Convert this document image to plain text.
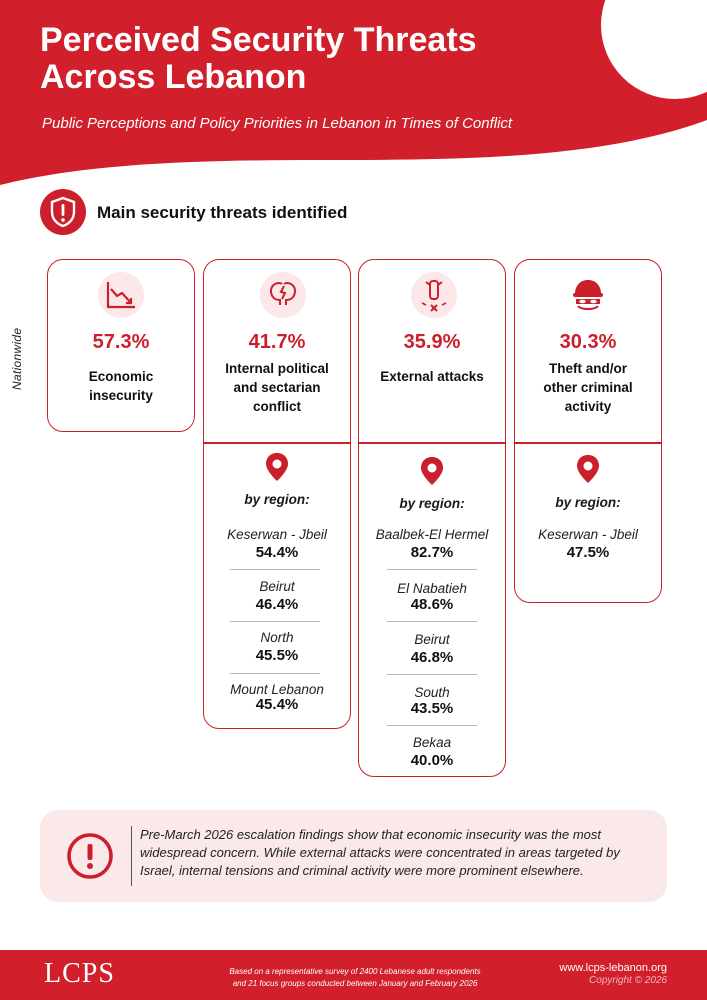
Perceived Security Threats
Across Lebanon
Public Perceptions and Policy Priorities in Lebanon in Times of Conflict
Main security threats identified
Nationwide	57.3%
Economic
insecurity
41.7%
Internal political
and sectarian
conflict
by region:
Keserwan - Jbeil
54.4%
Beirut
46.4%
North
45.5%
Mount Lebanon
45.4%
35.9%
External attacks
by region:
Baalbek-El Hermel
82.7%
El Nabatieh
48.6%
Beirut
46.8%
South
43.5%
Bekaa
40.0%
30.3%
Theft and/or
other criminal
activity
by region:
Keserwan - Jbeil
47.5%
Pre-March 2026 escalation findings show that economic insecurity was the most widespread concern. While external attacks were concentrated in areas targeted by Israel, internal tensions and criminal activity were more prominent elsewhere.
LCPS	Based on a representative survey of 2400 Lebanese adult respondents
and 21 focus groups conducted between January and February 2026
www.lcps-lebanon.org
Copyright © 2026
